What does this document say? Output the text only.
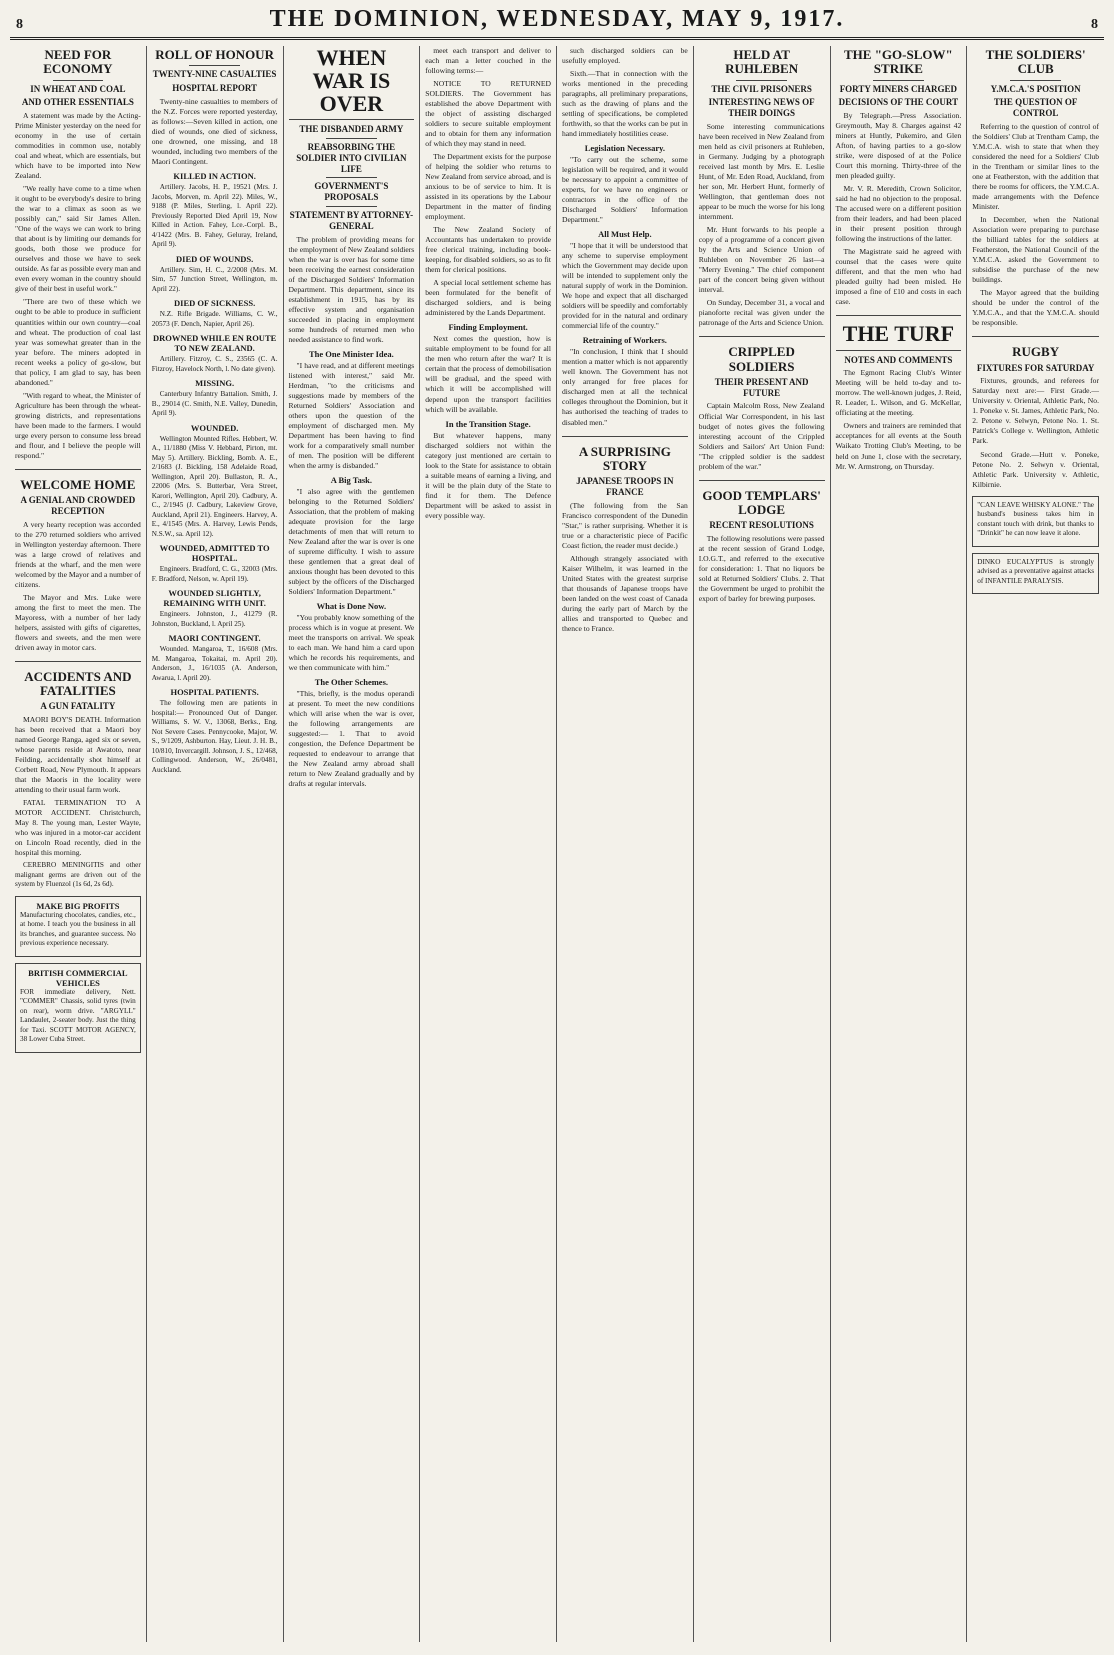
8	THE DOMINION, WEDNESDAY, MAY 9, 1917.	8
NEED FOR ECONOMY
IN WHEAT AND COAL
AND OTHER ESSENTIALS

A statement was made by the Acting-Prime Minister yesterday on the need for economy in the use of certain commodities in common use, notably coal and wheat, which are essentials, but which have to be imported into New Zealand.

"We really have come to a time when it ought to be everybody's desire to bring the war to a climax as soon as we possibly can," said Sir James Allen. "One of the ways we can work to bring that about is by limiting our demands for goods, both those we produce for ourselves and those we have to seek outside. As far as possible every man and even every woman in the country should give of their best in useful work."

"There are two of these which we ought to be able to produce in sufficient quantities within our own country—coal and wheat. The production of coal last year was somewhat greater than in the year before. The miners adopted in recent weeks a policy of go-slow, but that policy, I am glad to say, has been abandoned."

"With regard to wheat, the Minister of Agriculture has been through the wheat-growing districts, and representations have been made to the farmers. I would urge every person to consume less bread and flour, and I believe the people will respond."

WELCOME HOME
A GENIAL AND CROWDED RECEPTION

A very hearty reception was accorded to the 270 returned soldiers who arrived in Wellington yesterday afternoon. There was a large crowd of relatives and friends at the wharf, and the men were welcomed by the Mayor and a number of citizens.

The Mayor and Mrs. Luke were among the first to meet the men. The Mayoress, with a number of her lady helpers, assisted with gifts of cigarettes, flowers and sweets, and the men were driven away in motor cars.

ACCIDENTS AND FATALITIES
A GUN FATALITY

MAORI BOY'S DEATH. Information has been received that a Maori boy named George Ranga, aged six or seven, whose parents reside at Awatoto, near Feilding, accidentally shot himself at Corbett Road, New Plymouth. It appears that the Maoris in the locality were attending to their usual farm work.

FATAL TERMINATION TO A MOTOR ACCIDENT. Christchurch, May 8. The young man, Lester Wayte, who was injured in a motor-car accident on Lincoln Road recently, died in the hospital this morning.

CEREBRO MENINGITIS and other malignant germs are driven out of the system by Fluenzol (1s 6d, 2s 6d).

MAKE BIG PROFITS

Manufacturing chocolates, candies, etc., at home. I teach you the business in all its branches, and guarantee success. No previous experience necessary.

BRITISH COMMERCIAL VEHICLES

FOR immediate delivery, Nett. "COMMER" Chassis, solid tyres (twin on rear), worm drive. "ARGYLL" Landaulet, 2-seater body. Just the thing for Taxi. SCOTT MOTOR AGENCY, 38 Lower Cuba Street.

ROLL OF HONOUR
TWENTY-NINE CASUALTIES
HOSPITAL REPORT

Twenty-nine casualties to members of the N.Z. Forces were reported yesterday, as follows:—Seven killed in action, one died of wounds, one died of sickness, one drowned, one missing, and 18 wounded, including two members of the Maori Contingent.

KILLED IN ACTION.

Artillery. Jacobs, H. P., 19521 (Mrs. J. Jacobs, Morven, m. April 22). Miles, W., 9188 (P. Miles, Sterling, l. April 22). Previously Reported Died April 19, Now Killed in Action. Fahey, Lce.-Corpl. B., 4/1422 (Mrs. B. Fahey, Geluray, Ireland, April 9).

DIED OF WOUNDS.

Artillery. Sim, H. C., 2/2008 (Mrs. M. Sim, 57 Junction Street, Wellington, m. April 22).

DIED OF SICKNESS.

N.Z. Rifle Brigade. Williams, C. W., 20573 (F. Dench, Napier, April 26).

DROWNED WHILE EN ROUTE TO NEW ZEALAND.

Artillery. Fitzroy, C. S., 23565 (C. A. Fitzroy, Havelock North, l. No date given).

MISSING.

Canterbury Infantry Battalion. Smith, J. B., 29014 (C. Smith, N.E. Valley, Dunedin, April 9).

WOUNDED.

Wellington Mounted Rifles. Hebbert, W. A., 11/1880 (Miss V. Hebbard, Pirton, mt. May 5). Artillery. Bickling, Bomb. A. E., 2/1683 (J. Bickling, 158 Adelaide Road, Wellington, April 20). Bullaston, R. A., 22006 (Mrs. S. Butterbar, Vera Street, Karori, Wellington, April 20). Cadbury, A. C., 2/1945 (J. Cadbury, Lakeview Grove, Auckland, April 21). Engineers. Harvey, A. E., 4/1545 (Mrs. A. Harvey, Lewis Pends, N.S.W., sa. April 12).

WOUNDED, ADMITTED TO HOSPITAL.

Engineers. Bradford, C. G., 32003 (Mrs. F. Bradford, Nelson, w. April 19).

WOUNDED SLIGHTLY, REMAINING WITH UNIT.

Engineers. Johnston, J., 41279 (R. Johnston, Buckland, l. April 25).

MAORI CONTINGENT.

Wounded. Mangaroa, T., 16/608 (Mrs. M. Mangaroa, Tokaitai, m. April 20). Anderson, J., 16/1035 (A. Anderson, Awarua, l. April 20).

HOSPITAL PATIENTS.

The following men are patients in hospital:— Pronounced Out of Danger. Williams, S. W. V., 13068, Berks., Eng. Not Severe Cases. Pennycooke, Major, W. S., 9/1209, Ashburton. Hay, Lieut. J. H. B., 10/810, Invercargill. Johnson, J. S., 12/468, Collingwood. Anderson, W., 26/0481, Auckland.

WHEN WAR IS OVER
THE DISBANDED ARMY
REABSORBING THE SOLDIER INTO CIVILIAN LIFE
GOVERNMENT'S PROPOSALS
STATEMENT BY ATTORNEY-GENERAL

The problem of providing means for the employment of New Zealand soldiers when the war is over has for some time been receiving the earnest consideration of the Discharged Soldiers' Information Department. This department, since its establishment in 1915, has by its effective system and organisation succeeded in placing in employment some hundreds of returned men who needed assistance to find work.

The One Minister Idea.

"I have read, and at different meetings listened with interest," said Mr. Herdman, "to the criticisms and suggestions made by members of the Returned Soldiers' Association and others upon the question of the employment of discharged men. My Department has been having to find work for a comparatively small number of men. The position will be different when the army is disbanded."

A Big Task.

"I also agree with the gentlemen belonging to the Returned Soldiers' Association, that the problem of making adequate provision for the large detachments of men that will return to New Zealand after the war is over is one of supreme difficulty. I wish to assure these gentlemen that a great deal of anxious thought has been devoted to this subject by the officers of the Discharged Soldiers' Information Department."

What is Done Now.

"You probably know something of the process which is in vogue at present. We meet the transports on arrival. We speak to each man. We hand him a card upon which he records his requirements, and we then communicate with him."

The Other Schemes.

"This, briefly, is the modus operandi at present. To meet the new conditions which will arise when the war is over, the following arrangements are suggested:— 1. That to avoid congestion, the Defence Department be requested to endeavour to arrange that the New Zealand army abroad shall return to New Zealand gradually and by drafts at regular intervals.

meet each transport and deliver to each man a letter couched in the following terms:—

NOTICE TO RETURNED SOLDIERS. The Government has established the above Department with the object of assisting discharged soldiers to secure suitable employment and to obtain for them any information of which they may stand in need.

The Department exists for the purpose of helping the soldier who returns to New Zealand from service abroad, and is anxious to be of service to him. It is assisted in its operations by the Labour Department in the matter of finding employment.

The New Zealand Society of Accountants has undertaken to provide free clerical training, including book-keeping, for disabled soldiers, so as to fit them for clerical positions.

A special local settlement scheme has been formulated for the benefit of discharged soldiers, and is being administered by the Lands Department.

Finding Employment.

Next comes the question, how is suitable employment to be found for all the men who return after the war? It is certain that the process of demobilisation will be gradual, and the speed with which it will be accomplished will depend upon the transport facilities which will be available.

In the Transition Stage.

But whatever happens, many discharged soldiers not within the category just mentioned are certain to look to the State for assistance to obtain a suitable means of earning a living, and it will be the plain duty of the State to find it for them. The Defence Department will be asked to assist in every possible way.

such discharged soldiers can be usefully employed.

Sixth.—That in connection with the works mentioned in the preceding paragraphs, all preliminary preparations, such as the drawing of plans and the settling of specifications, be completed forthwith, so that the works can be put in hand immediately hostilities cease.

Legislation Necessary.

"To carry out the scheme, some legislation will be required, and it would be necessary to appoint a committee of experts, for we have no engineers or contractors in the office of the Discharged Soldiers' Information Department."

All Must Help.

"I hope that it will be understood that any scheme to supervise employment which the Government may decide upon will be intended to supplement only the natural supply of work in the Dominion. We hope and expect that all discharged soldiers will be speedily and comfortably provided for in the natural and ordinary commercial life of the country."

Retraining of Workers.

"In conclusion, I think that I should mention a matter which is not apparently well known. The Government has not only arranged for free places for discharged men at all the technical colleges throughout the Dominion, but it has authorised the teaching of trades to disabled men."

A SURPRISING STORY
JAPANESE TROOPS IN FRANCE

(The following from the San Francisco correspondent of the Dunedin "Star," is rather surprising. Whether it is true or a characteristic piece of Pacific Coast fiction, the reader must decide.)

Although strangely associated with Kaiser Wilhelm, it was learned in the United States with the greatest surprise that thousands of Japanese troops have been landed on the west coast of Canada during the early part of March by the allies and transported to Quebec and thence to France.

HELD AT RUHLEBEN
THE CIVIL PRISONERS
INTERESTING NEWS OF THEIR DOINGS

Some interesting communications have been received in New Zealand from men held as civil prisoners at Ruhleben, in Germany. Judging by a photograph received last month by Mrs. E. Leslie Hunt, of Mr. Eden Road, Auckland, from her son, Mr. Herbert Hunt, formerly of Wellington, that gentleman does not appear to be much the worse for his long internment.

Mr. Hunt forwards to his people a copy of a programme of a concert given by the Arts and Science Union of Ruhleben on November 26 last—a "Merry Evening." The chief component part of the concert being given without interval.

On Sunday, December 31, a vocal and pianoforte recital was given under the patronage of the Arts and Science Union.

CRIPPLED SOLDIERS
THEIR PRESENT AND FUTURE

Captain Malcolm Ross, New Zealand Official War Correspondent, in his last budget of notes gives the following interesting account of the Crippled Soldiers and Sailors' Art Union Fund: "The crippled soldier is the saddest problem of the war."

GOOD TEMPLARS' LODGE
RECENT RESOLUTIONS

The following resolutions were passed at the recent session of Grand Lodge, I.O.G.T., and referred to the executive for consideration: 1. That no liquors be sold at Returned Soldiers' Clubs. 2. That the Government be urged to prohibit the export of barley for brewing purposes.

THE "GO-SLOW" STRIKE
FORTY MINERS CHARGED
DECISIONS OF THE COURT

By Telegraph.—Press Association. Greymouth, May 8. Charges against 42 miners at Huntly, Pukemiro, and Glen Afton, of having parties to a go-slow strike, were disposed of at the Police Court this morning. Thirty-three of the men pleaded guilty.

Mr. V. R. Meredith, Crown Solicitor, said he had no objection to the proposal. The accused were on a different position from their leaders, and had been placed in their present position through following the instructions of the latter.

The Magistrate said he agreed with counsel that the cases were quite different, and that the men who had pleaded guilty had been misled. He imposed a fine of £10 and costs in each case.

THE TURF
NOTES AND COMMENTS

The Egmont Racing Club's Winter Meeting will be held to-day and to-morrow. The well-known judges, J. Reid, R. Leader, L. Wilson, and G. McKellar, officiating at the meeting.

Owners and trainers are reminded that acceptances for all events at the South Waikato Trotting Club's Meeting, to be held on June 1, close with the secretary, Mr. W. Armstrong, on Thursday.

THE SOLDIERS' CLUB
Y.M.C.A.'S POSITION
THE QUESTION OF CONTROL

Referring to the question of control of the Soldiers' Club at Trentham Camp, the Y.M.C.A. wish to state that when they considered the need for a Soldiers' Club in the Trentham or similar lines to the one at Featherston, with the addition that there be rooms for officers, the Y.M.C.A. made arrangements with the Defence Minister.

In December, when the National Association were preparing to purchase the billiard tables for the soldiers at Featherston, the National Council of the Y.M.C.A. asked the Government to subsidise the purchase of the new buildings.

The Mayor agreed that the building should be under the control of the Y.M.C.A., and that the Y.M.C.A. should be responsible.

RUGBY
FIXTURES FOR SATURDAY

Fixtures, grounds, and referees for Saturday next are:— First Grade.—University v. Oriental, Athletic Park, No. 1. Poneke v. St. James, Athletic Park, No. 2. Petone v. Selwyn, Petone No. 1. St. Patrick's College v. Wellington, Athletic Park.

Second Grade.—Hutt v. Poneke, Petone No. 2. Selwyn v. Oriental, Athletic Park. University v. Athletic, Kilbirnie.

"CAN LEAVE WHISKY ALONE." The husband's business takes him in constant touch with drink, but thanks to "Drinkit" he can now leave it alone.

DINKO EUCALYPTUS is strongly advised as a preventative against attacks of INFANTILE PARALYSIS.
